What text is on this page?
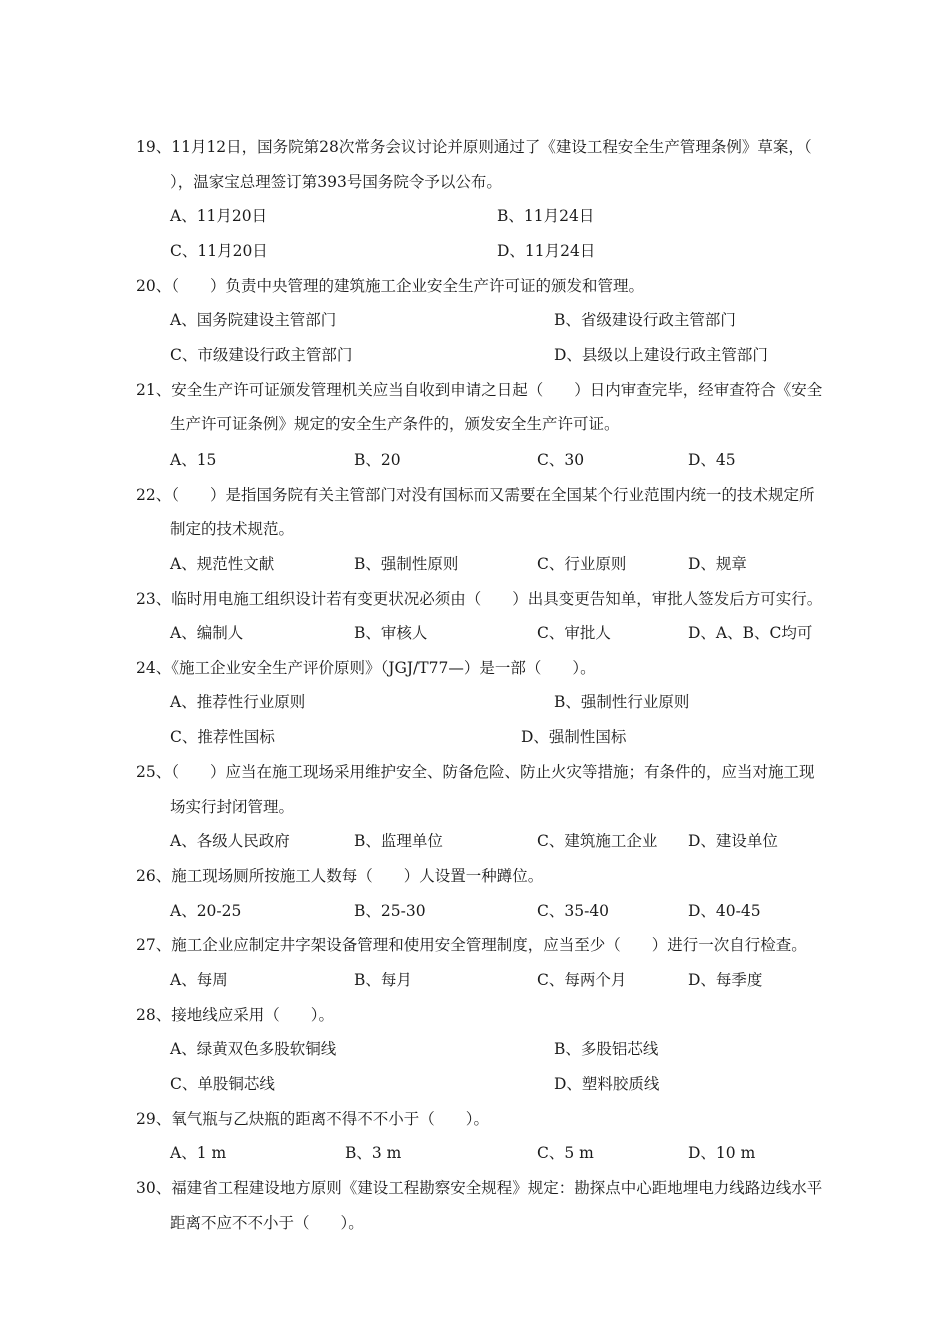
19、11月12日，国务院第28次常务会议讨论并原则通过了《建设工程安全生产管理条例》草案，（
），温家宝总理签订第393号国务院令予以公布。
A、11月20日	B、11月24日
C、11月20日	D、11月24日
20、（　　）负责中央管理的建筑施工企业安全生产许可证的颁发和管理。
A、国务院建设主管部门	B、省级建设行政主管部门
C、市级建设行政主管部门	D、县级以上建设行政主管部门
21、安全生产许可证颁发管理机关应当自收到申请之日起（　　）日内审查完毕，经审查符合《安全
生产许可证条例》规定的安全生产条件的，颁发安全生产许可证。
A、15	B、20	C、30	D、45
22、（　　）是指国务院有关主管部门对没有国标而又需要在全国某个行业范围内统一的技术规定所
制定的技术规范。
A、规范性文献	B、强制性原则	C、行业原则	D、规章
23、临时用电施工组织设计若有变更状况必须由（　　）出具变更告知单，审批人签发后方可实行。
A、编制人	B、审核人	C、审批人	D、A、B、C均可
24、《施工企业安全生产评价原则》（JGJ/T77—）是一部（　　）。
A、推荐性行业原则	B、强制性行业原则
C、推荐性国标	D、强制性国标
25、（　　）应当在施工现场采用维护安全、防备危险、防止火灾等措施；有条件的，应当对施工现
场实行封闭管理。
A、各级人民政府	B、监理单位	C、建筑施工企业 D、建设单位
26、施工现场厕所按施工人数每（　　）人设置一种蹲位。
A、20-25	B、25-30	C、35-40	D、40-45
27、施工企业应制定井字架设备管理和使用安全管理制度，应当至少（　　）进行一次自行检查。
A、每周	B、每月	C、每两个月	D、每季度
28、接地线应采用（　　）。
A、绿黄双色多股软铜线	B、多股铝芯线
C、单股铜芯线	D、塑料胶质线
29、氧气瓶与乙炔瓶的距离不得不不小于（　　）。
A、1 m	B、3 m	C、5 m	D、10 m
30、福建省工程建设地方原则《建设工程勘察安全规程》规定：勘探点中心距地埋电力线路边线水平
距离不应不不小于（　　）。
